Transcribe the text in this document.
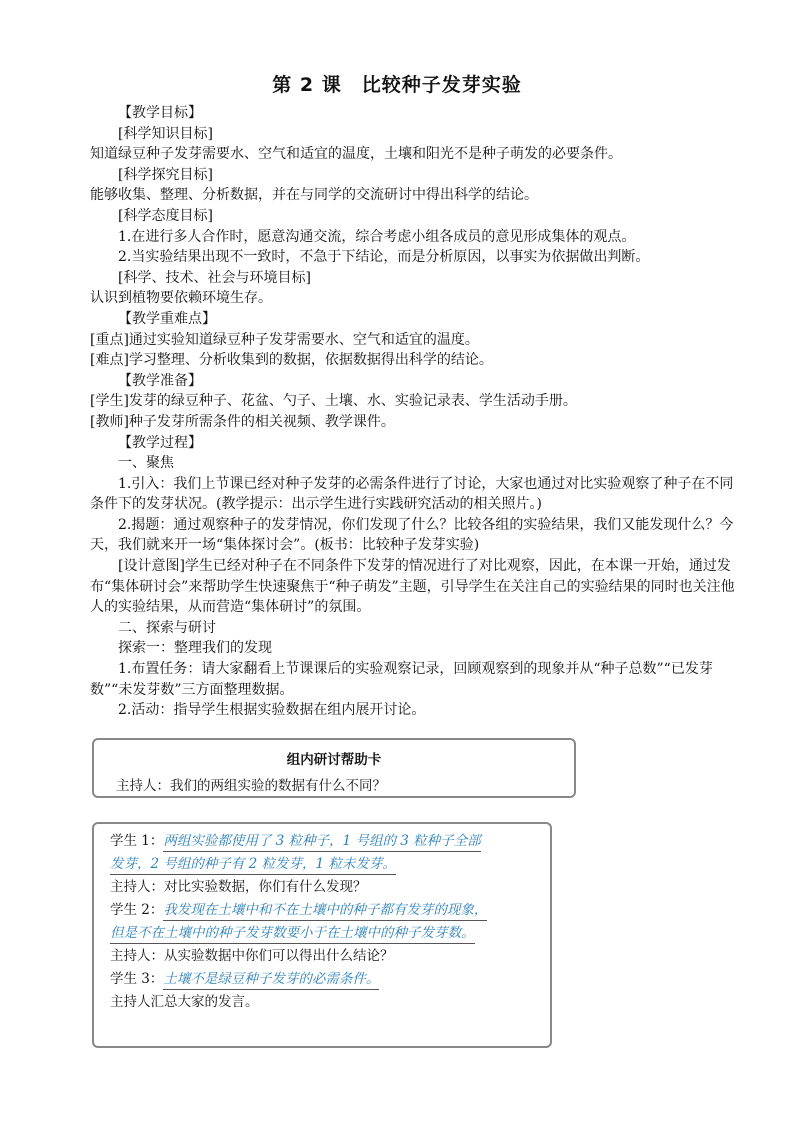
第 2 课　比较种子发芽实验

【教学目标】

[科学知识目标]

知道绿豆种子发芽需要水、空气和适宜的温度，土壤和阳光不是种子萌发的必要条件。

[科学探究目标]

能够收集、整理、分析数据，并在与同学的交流研讨中得出科学的结论。

[科学态度目标]

1.在进行多人合作时，愿意沟通交流，综合考虑小组各成员的意见形成集体的观点。

2.当实验结果出现不一致时，不急于下结论，而是分析原因，以事实为依据做出判断。

[科学、技术、社会与环境目标]

认识到植物要依赖环境生存。

【教学重难点】

[重点]通过实验知道绿豆种子发芽需要水、空气和适宜的温度。

[难点]学习整理、分析收集到的数据，依据数据得出科学的结论。

【教学准备】

[学生]发芽的绿豆种子、花盆、勺子、土壤、水、实验记录表、学生活动手册。

[教师]种子发芽所需条件的相关视频、教学课件。

【教学过程】

一、聚焦

1.引入：我们上节课已经对种子发芽的必需条件进行了讨论，大家也通过对比实验观察了种子在不同条件下的发芽状况。(教学提示：出示学生进行实践研究活动的相关照片。)

2.揭题：通过观察种子的发芽情况，你们发现了什么？比较各组的实验结果，我们又能发现什么？今天，我们就来开一场“集体探讨会”。(板书：比较种子发芽实验)

[设计意图]学生已经对种子在不同条件下发芽的情况进行了对比观察，因此，在本课一开始，通过发布“集体研讨会”来帮助学生快速聚焦于“种子萌发”主题，引导学生在关注自己的实验结果的同时也关注他人的实验结果，从而营造“集体研讨”的氛围。

二、探索与研讨

探索一：整理我们的发现

1.布置任务：请大家翻看上节课课后的实验观察记录，回顾观察到的现象并从“种子总数”“已发芽数”“未发芽数”三方面整理数据。

2.活动：指导学生根据实验数据在组内展开讨论。

组内研讨帮助卡
主持人：我们的两组实验的数据有什么不同？
学生 1：两组实验都使用了 3 粒种子，1 号组的 3 粒种子全部
发芽，2 号组的种子有 2 粒发芽，1 粒未发芽。
主持人：对比实验数据，你们有什么发现？
学生 2：我发现在土壤中和不在土壤中的种子都有发芽的现象，
但是不在土壤中的种子发芽数要小于在土壤中的种子发芽数。
主持人：从实验数据中你们可以得出什么结论？
学生 3：土壤不是绿豆种子发芽的必需条件。
主持人汇总大家的发言。
